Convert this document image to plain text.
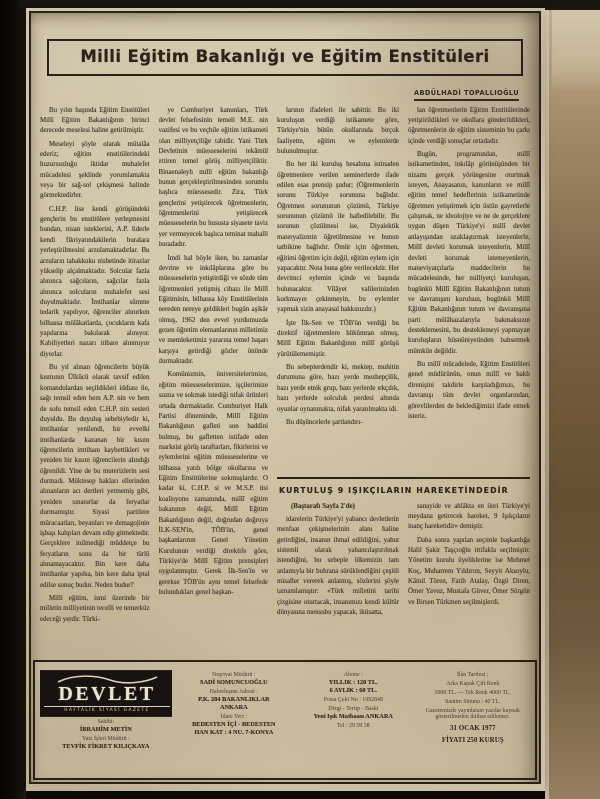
Milli Eğitim Bakanlığı ve Eğitim Enstitüleri
ABDÜLHADİ TOPALLIOĞLU

Bu yılın başında Eğitim Enstitüleri Milli Eğitim Bakanlığının birinci derecede meselesi haline getirilmiştir.

Meseleyi şöyle olarak mütalâa ederiz; eğitim enstitülerindeki huzursuzluğu iktidar muhalefet mücadelesi şeklinde yorumlamakta veya bir sağ-sol çekişmesi halinde görmektedirler.

C.H.P. lise kendi görüşündeki gençlerin bu enstitülere yerleşmesini bundan, nisan isteklerini, A.P. liderle kendi fikriyatındakilerin buralara yerleştirilmesini arzulamaktadırlar. Bu arzuların tahakkuku nisbetinde itirazlar yükselip alçalmaktadır. Solcular fazla alınınca sağcıların, sağcılar fazla alınınca solcuların muhalefet sesi duyulmaktadır. İmtihanlar sümme tedarik yapılıyor, öğrenciler alınırken bilhassa mülâkatlarda, çocukların kafa yapılarına bakılarak alınıyor. Kabiliyetleri nazarı itibare alınmıyor diyorlar.

Bu yıl alınan öğrencilerin büyük kısmının Ülkücü olarak tavsif edilen komandolardan seçildikleri iddiası ile, sağı temsil eden hem A.P. nin ve hem de solu temsil eden C.H.P. nin sesleri duyuldu. Bu duyuluş sebebiyledir ki, imtihanlar yenilendi, bir evvelki imtihanlarda kazanan bir kısım öğrencilerin imtihanı kaybettikleri ve yeniden bir kısım öğrencilerin alındığı öğrenildi. Yine de bu muterizlerin sesi durmadı. Müktesep hakları ellerinden alınanların acı dertleri yetmemiş gibi, yeniden sınanırlar da feryatlar durmamıştır. Siyasi partilere müracaatları, beyanları ve demagojinin işbaşı kalıpları devam edip gitmektedir. Gerçeklere inilmediği müddetçe bu feryatların sonu da bir türlü alınamayacaktır. Bin kere daha imtihanlar yapılsa, bin kere daha iptal edilse sonuç budur. Neden budur?

Milli eğitim, ismi üzerinde bir milletin milliyetinin tecelli ve temerküz edeceği yerdir. Türki-

ye Cumhuriyet kanunları, Türk devlet felsefesinin temeli M.E. nin vazifesi ve bu veçhile eğitim istikameti olan milliyetçiliğe tabidir. Yani Türk Devletinin müesseselerini tekâmül ettiren temel görüş milliyetçiliktir. Binaenaleyh milli eğitim bakanlığı bunun gerçekleştirilmesinden sorumlu başlıca müessesedir. Zira, Türk gençlerini yetiştirecek öğretmenlerin, öğretmenlerini yetiştirecek müesseselerin bu hususta siyasete taviz yer vermeyecek başlıca teminat mahalli buradadır.

İmdi hal böyle iken, bu zamanlar devrine ve inkılâplarına göre bu müesseselerin yetiştirdiği ve sözde tüm öğretmenleri yetişmiş cihazı ile Millî Eğitiminin, bilhassa köy Enstitülerinin nereden nereye geldikleri bugün aşikâr olmuş, 1962 den evvel yurdumuzda gezen öğretim elemanlarının milletimiz ve memleketimiz yararına temel başarı karşıya getirdiği gözler önünde durmaktadır.

Komünizmin, üniversitelerimize, eğitim müesseselerimize, işçilerimize sızma ve sokmak istediği nifak ürünleri ortada durmaktadır. Cumhuriyet Halk Partisi döneminde, Millî Eğitim Bakanlığının gafleti son haddini bulmuş, bu gafletten istifade eden marksist görüş taraftarları, fikirlerini ve eylemlerini eğitim müesseselerine ve bilhassa yatılı bölge okullarına ve Eğitim Enstitülerine sokmuşlardır. O kadar ki, C.H.P. si ve M.S.P. tisi koalisyonu zamanında, millî eğitim bakanının değil, Millî Eğitim Bakanlığının değil, doğrudan doğruya İLK-SEN'in, TÖB'ün, genel başkanlarının Genel Yönetim Kurulunun verdiği direktife göre, Türkiye'de Millî Eğitim prensipleri uygulanmıştır. Gerek İlk-Sen'in ve gerekse TÖB'ün aynı temel felsefede bulundukları genel başkan-

larının ifadeleri ile sabittir. Bu iki kuruluşun verdiği istikamete göre, Türkiye'nin bütün okullarında birçok faaliyette, eğitim ve eylemlerde bulunulmuştur.

Bu her iki kuruluş hesabına istinaden öğretmenlere verilen seminerlerde ifade edilen esas prensip şudur; (Öğretmenlerin sorunu Türkiye sorununa bağlıdır. Öğretmen sorununun çözümü, Türkiye sorununun çözümü ile halledilebilir. Bu sorunun çözülmesi ise, Diyalektik materyalizmin öğretilmesine ve bunun tatbikine bağlıdır. Ömür için öğretmen, eğitimi öğretim için değil, eğitim eylem için yapacaktır. Nota buna göre verilecektir. Her devrimci eylemin içinde ve başında bulunacaktır. Vilâyet valilerinizden korkmayın çekinmeyin, bu eylemler yapmak sizin anayasal hakkınızdır.)

İşte İlk-Sen ve TÖB'ün verdiği bu direktif öğretmenlere hükümran olmuş, Millî Eğitim Bakanlığının millî görüşü yürütülememiştir.

Bu sebeplerdendir ki, mektep, muhitin durumuna göre, bazı yerde mezhepçilik, bazı yerde etnik grup, bazı yerlerde ırkçılık, bazı yerlerde solculuk perdesi altında oyunlar oynanmakta, nifak yaratılmakta idi.

Bu düşüncelerle şartlandırı-

lan öğretmenlerin Eğitim Enstitülerinde yetiştirildikleri ve okullara gönderildikleri, öğretmenlerin de eğitim sisteminin bu çarkı içinde verdiği sonuçlar ortadadır.

Bugün, programından, millî istikametinden, inkılâp görünüşünden bir nizamı gerçek yörüngesine oturtmak isteyen, Anayasanın, kanunların ve millî eğitim temel hedeflerinin istikametinde öğretmen yetiştirmek için üstün gayretlerle çalışmak, ne ideolojiye ve ne de gerçeklere uygun düşen Türkiye'yi millî devlet anlayışından uzaklaştırmak isteyenlerle, Millî devleti korumak isteyenlerin, Millî devleti korumak istemeyenlerin, maneviyatçılarla maddecilerin bu mücadelesinde, her milliyetçi kuruluşun, bugünkü Millî Eğitim Bakanlığının tutum ve davranışını kurulsun, bugünkü Millî Eğitim Bakanlığının tutum ve davranışına parti mülâhazalarıyla bakmaksızın desteklemesini, bu desteklemeyi yapmayan kuruluşların hüsnüniyetinden bahsetmek mümkün değildir.

Bu millî mücadelede, Eğitim Enstitüleri genel müdürünün, onun millî ve haklı direnişini takdirle karşıladığımızı, bu davranışı tüm devlet organlarından, görevlilerden de beklediğimizi ifade etmek isteriz.

KURTULUŞ 9 IŞIKÇILARIN HAREKETİNDEDİR

(Baştarafı Sayfa 2'de)

idarelerin Türkiye'yi yabancı devletlerin menfaat çekişmelerinin alanı haline getirdiğini, insanın ihmal edildiğini, yahut sistemli olarak yabancılaştırılmak istendiğini, bu sebeple ülkemizin tam anlamıyla bir buhrana sürüklendiğini çeşitli misaller vererek anlatmış, sözlerini şöyle tamamlamıştır: «Türk milletini tarihi çizgisine oturtacak, insanımızı kendi kültür dünyasına mensubu yapacak, iktisatta,

sanayide ve ahlâkta en ileri Türkiye'yi meydana getirecek hareket, 9 Işıkçıların inanç hareketidir» demiştir.

Daha sonra yapılan seçimle başkanlığa Halil Şakir Taşçıoğlu ittifakla seçilmiştir. Yönetim kurulu üyeliklerine ise Mehmet Koç, Muharrem Yıldırım, Seyyit Aksoylu, Kâmil Tören, Fatih Atalay, Özgü Diren, Ömer Yavuz, Mustafa Güver, Ömer Sürgün ve Birsen Türkmen seçilmişlerdi.

DEVLET
HAFTALIK SİYASİ GAZETE
Sahibi:
İBRAHİM METİN
Yazı İşleri Müdürü :
TEVFİK FİKRET KILIÇKAYA
Neşriyat Müdürü :
SADİ SOMUNCUOĞLU
Haberleşme Adresi :
P.K. 284 BAKANLIKLAR
ANKARA
İdare Yeri :
BEDESTEN İÇİ - BEDESTEN
HAN KAT : 4 NU. 7-KONYA
Abone :
YILLIK : 120 TL.
6 AYLIK : 60 TL.
Posta Çeki No : 1992848
Dizgi - Tertip - Baskı
Yeni Işık Matbaası ANKARA
Tel : 29 59 38
İlân Tarifesi :
Arka Kapak Çift Renk
5000 TL. — Tek Renk 4000 TL.
Santim Sütunu : 40 TL.
Gazetemizde yayınlanan yazılar kaynak gösterilmeden iktibas edilemez.
31 OCAK 1977
FİYATI 250 KURUŞ
